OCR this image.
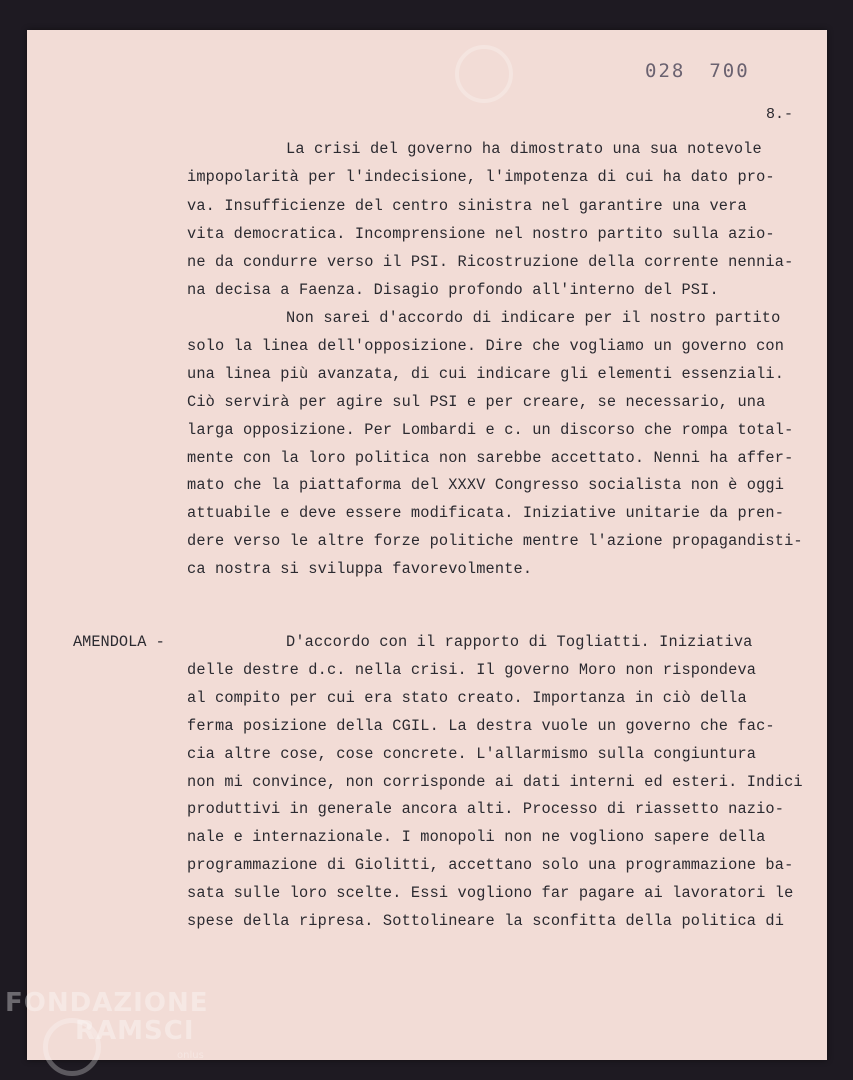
028 700
8.-
La crisi del governo ha dimostrato una sua notevole
impopolarità per l'indecisione, l'impotenza di cui ha dato pro-
va. Insufficienze del centro sinistra nel garantire una vera
vita democratica. Incomprensione nel nostro partito sulla azio-
ne da condurre verso il PSI. Ricostruzione della corrente nennia-
na decisa a Faenza. Disagio profondo all'interno del PSI.
Non sarei d'accordo di indicare per il nostro partito
solo la linea dell'opposizione. Dire che vogliamo un governo con
una linea più avanzata, di cui indicare gli elementi essenziali.
Ciò servirà per agire sul PSI e per creare, se necessario, una
larga opposizione. Per Lombardi e c. un discorso che rompa total-
mente con la loro politica non sarebbe accettato. Nenni ha affer-
mato che la piattaforma del XXXV Congresso socialista non è oggi
attuabile e deve essere modificata. Iniziative unitarie da pren-
dere verso le altre forze politiche mentre l'azione propagandisti-
ca nostra si sviluppa favorevolmente.
AMENDOLA -	D'accordo con il rapporto di Togliatti. Iniziativa
delle destre d.c. nella crisi. Il governo Moro non rispondeva
al compito per cui era stato creato. Importanza in ciò della
ferma posizione della CGIL. La destra vuole un governo che fac-
cia altre cose, cose concrete. L'allarmismo sulla congiuntura
non mi convince, non corrisponde ai dati interni ed esteri. Indici
produttivi in generale ancora alti. Processo di riassetto nazio-
nale e internazionale. I monopoli non ne vogliono sapere della
programmazione di Giolitti, accettano solo una programmazione ba-
sata sulle loro scelte. Essi vogliono far pagare ai lavoratori le
spese della ripresa. Sottolineare la sconfitta della politica di
FONDAZIONE
RAMSCI
onlus
